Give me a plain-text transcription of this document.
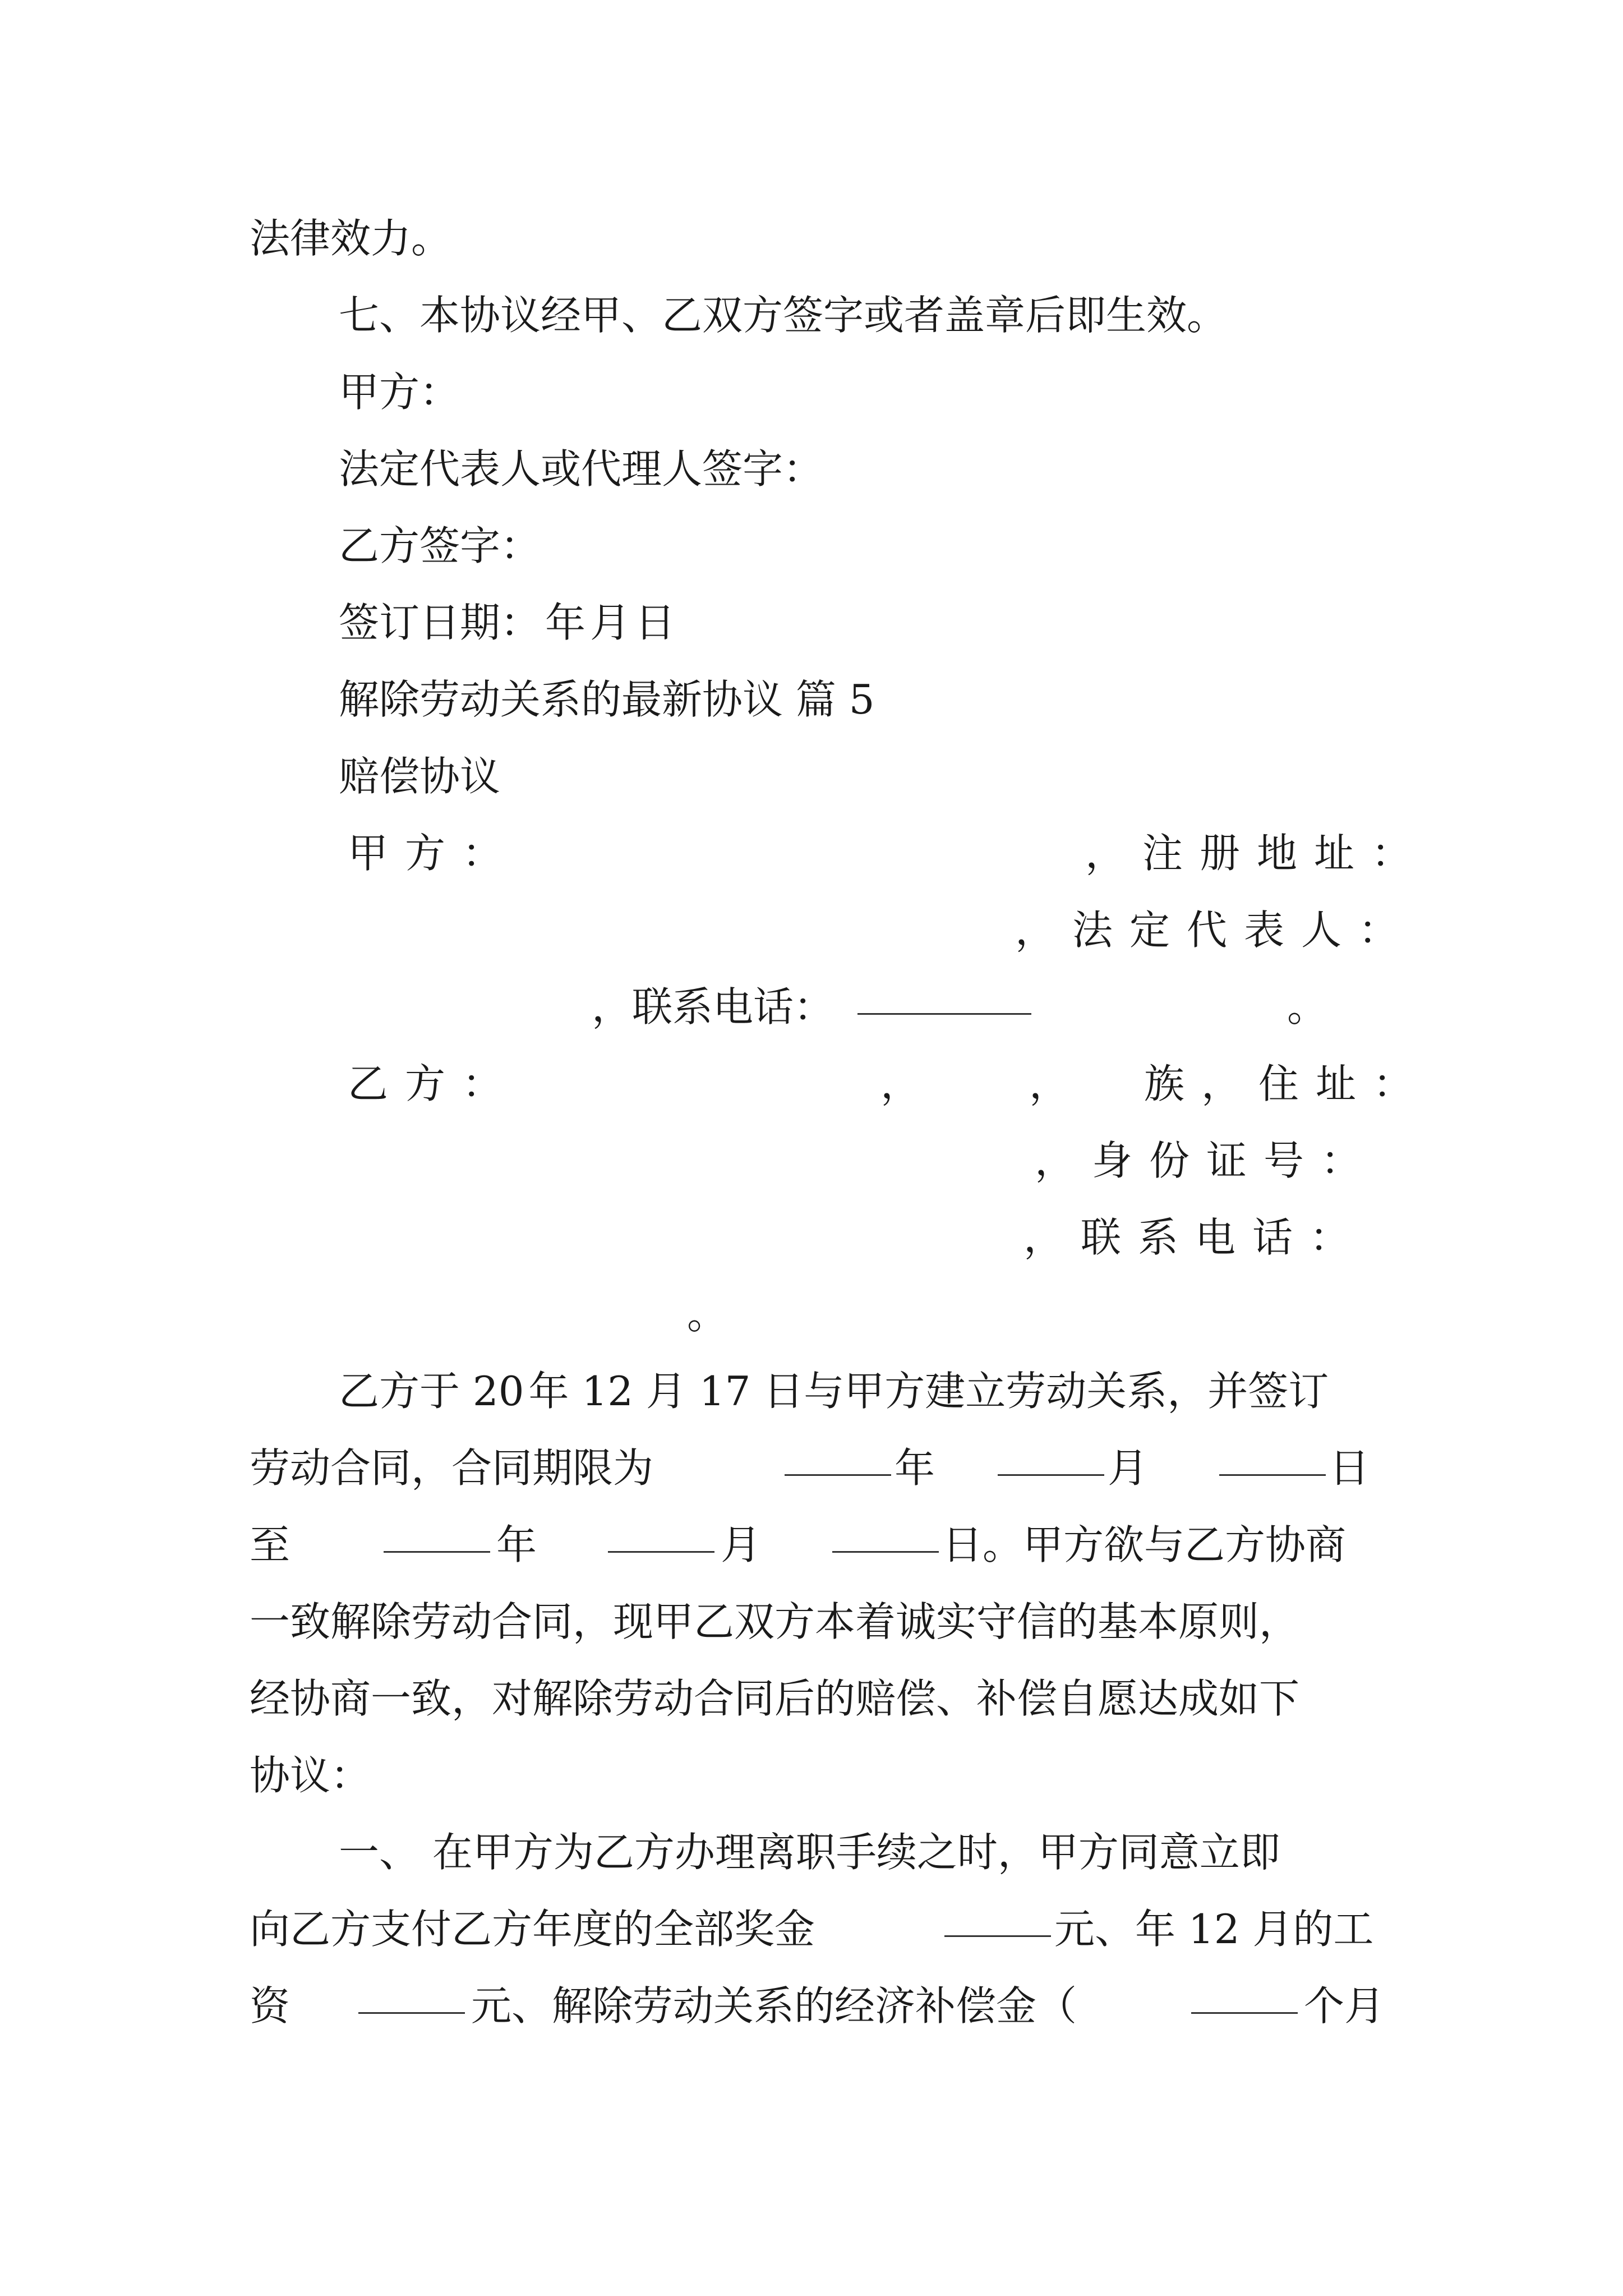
法律效力。
七、本协议经甲、乙双方签字或者盖章后即生效。
甲方：
法定代表人或代理人签字：
乙方签字：
签订日期： 年 月 日
解除劳动关系的最新协议 篇 5
赔偿协议
甲方：	，注册地址：
，法定代表人：
，联系电话：	。
乙方：	，	， 族，住址：
，身份证号：
，联系电话：
。
乙方于 20 年 12 月 17 日与甲方建立劳动关系，并签订
劳动合同，合同期限为	年	月	日
至	年	月	日。甲方欲与乙方协商
一致解除劳动合同，现甲乙双方本着诚实守信的基本原则，
经协商一致，对解除劳动合同后的赔偿、补偿自愿达成如下
协议：
一、 在甲方为乙方办理离职手续之时，甲方同意立即
向乙方支付乙方年度的全部奖金	元、年 12 月的工
资	元、解除劳动关系的经济补偿金（	个月
